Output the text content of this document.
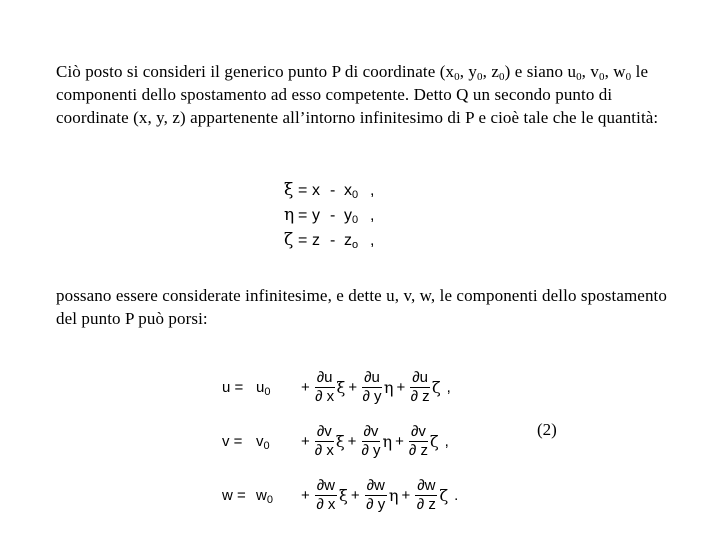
Ciò posto si consideri il generico punto P di coordinate ($x_0$, $y_0$, $z_0$) e siano $u_0$, $v_0$, $w_0$ le componenti dello spostamento ad esso competente. Detto Q un secondo punto di coordinate (x, y, z) appartenente all’intorno infinitesimo di P e cioè tale che le quantità:
$\xi = x - x_0$ ,
$\eta = y - y_0$ ,
$\zeta = z - z_o$ ,
possano essere considerate infinitesime, e dette u, v, w, le componenti dello spostamento del punto P può porsi:
$u = u_0$	+ $\frac{\partial u}{\partial x}$ $\xi + \frac{\partial u}{\partial y}$ $\eta + \frac{\partial u}{\partial z}$ ζ ,
$v = v_0$	+ $\frac{\partial v}{\partial x}$ $\xi + \frac{\partial v}{\partial y}$ $\eta + \frac{\partial v}{\partial z}$ ζ ,
$w = w_0$	+ $\frac{\partial w}{\partial x}$ $\xi + \frac{\partial w}{\partial y}$ $\eta + \frac{\partial w}{\partial z}$ ζ .
(2)
